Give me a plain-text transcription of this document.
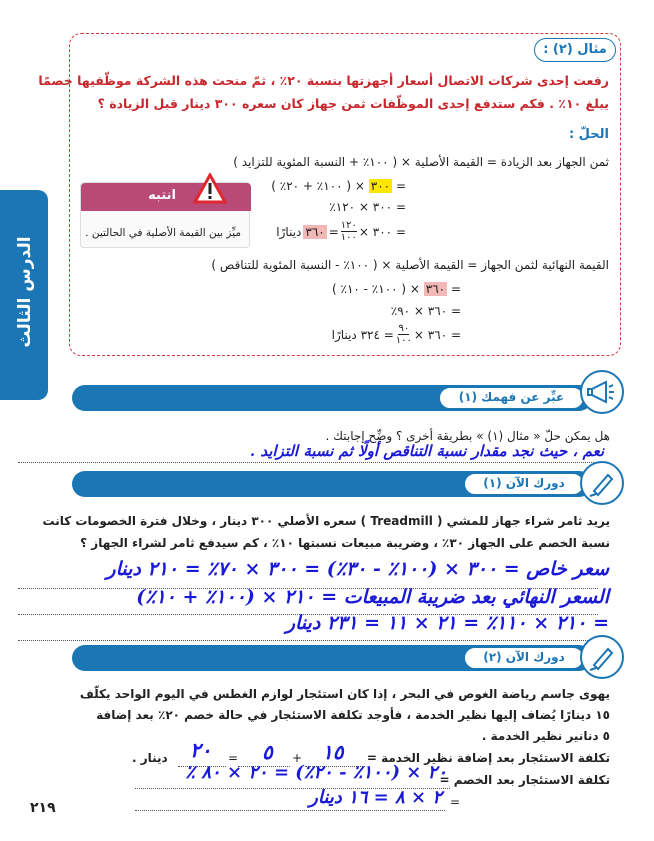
الدرس الثالث
مثال (٢) :
رفعت إحدى شركات الاتصال أسعار أجهزتها بنسبة ٢٠٪ ، ثمّ منحت هذه الشركة موظّفيها خصمًا
يبلغ ١٠٪ . فكم ستدفع إحدى الموظّفات ثمن جهاز كان سعره ٣٠٠ دينار قبل الزيادة ؟
الحلّ :
ثمن الجهاز بعد الزيادة = القيمة الأصلية × ( ١٠٠٪ + النسبة المئوية للتزايد )
= ٣٠٠ × ( ١٠٠٪ + ٢٠٪ )
= ٣٠٠ × ١٢٠٪
= ٣٠٠ ×
١٢٠
١٠٠
=
٣٦٠
دينارًا
انتبه
ميِّز بين القيمة الأصلية في الحالتين .
القيمة النهائية لثمن الجهاز = القيمة الأصلية × ( ١٠٠٪ - النسبة المئوية للتناقص )
= ٣٦٠ × ( ١٠٠٪ - ١٠٪ )
= ٣٦٠ × ٩٠٪
= ٣٦٠ ×
٩٠
١٠٠
= ٣٢٤ دينارًا
عبِّر عن فهمك (١)
هل يمكن حلّ « مثال (١) » بطريقة أخرى ؟ وضِّح إجابتك .
نعم ، حيث نجد مقدار نسبة التناقص أولًا ثم نسبة التزايد .
دورك الآن (١)
يريد ثامر شراء جهاز للمشي ( Treadmill ) سعره الأصلي ٣٠٠ دينار ، وخلال فترة الخصومات كانت
نسبة الخصم على الجهاز ٣٠٪ ، وضريبة مبيعات نسبتها ١٠٪ ، كم سيدفع ثامر لشراء الجهاز ؟
سعر خاص = ٣٠٠ × (١٠٠٪ - ٣٠٪) = ٣٠٠ × ٧٠٪ = ٢١٠ دينار
السعر النهائي بعد ضريبة المبيعات = ٢١٠ × (١٠٠٪ + ١٠٪)
= ٢١٠ × ١١٠٪ = ٢١ × ١١ = ٢٣١ دينار
دورك الآن (٢)
يهوى جاسم رياضة الغوص في البحر ، إذا كان استئجار لوازم الغطس في اليوم الواحد يكلّف
١٥ دينارًا يُضاف إليها نظير الخدمة ، فأوجد تكلفة الاستئجار في حالة خصم ٢٠٪ بعد إضافة
٥ دنانير نظير الخدمة .
تكلفة الاستئجار بعد إضافة نظير الخدمة =
+
=
دينار .	١٥
٥
٢٠
تكلفة الاستئجار بعد الخصم =
٢٠ × (١٠٠٪ - ٢٠٪) = ٢٠ × ٨٠ ٪
=
٢ × ٨ = ١٦ دينار
٢١٩
